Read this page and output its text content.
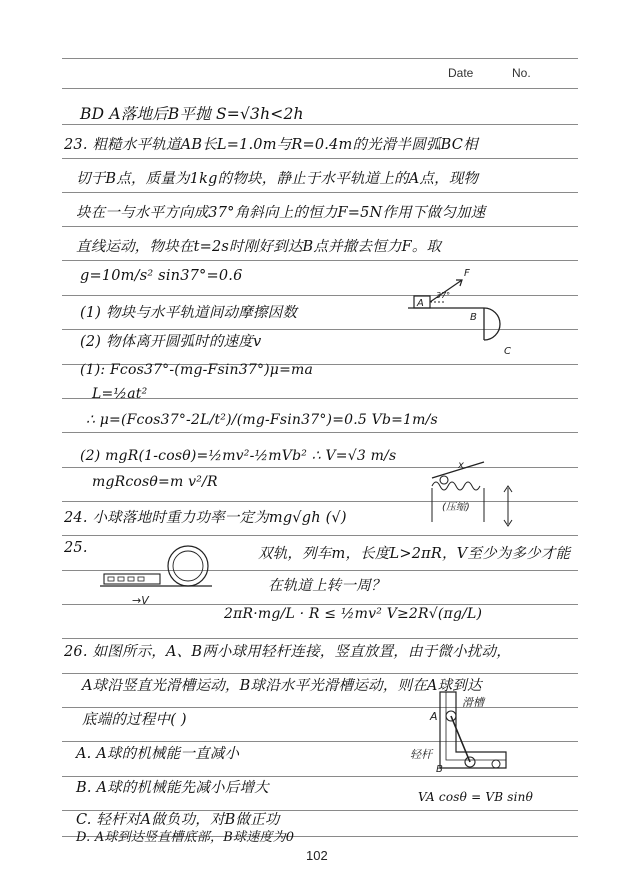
Date	No.
BD A落地后B平抛 S=√3h<2h
23. 粗糙水平轨道AB长L=1.0m与R=0.4m的光滑半圆弧BC相
切于B点，质量为1kg的物块，静止于水平轨道上的A点，现物
块在一与水平方向成37°角斜向上的恒力F=5N作用下做匀加速
直线运动，物块在t=2s时刚好到达B点并撤去恒力F。取
g=10m/s² sin37°=0.6
(1) 物块与水平轨道间动摩擦因数
(2) 物体离开圆弧时的速度v
(1): Fcos37°-(mg-Fsin37°)μ=ma
L=½at²
∴ μ=(Fcos37°-2L/t²)/(mg-Fsin37°)=0.5 Vb=1m/s
(2) mgR(1-cosθ)=½mv²-½mVb² ∴ V=√3 m/s
mgRcosθ=m v²/R
24. 小球落地时重力功率一定为mg√gh (√)
25.	双轨，列车m，长度L>2πR，V至少为多少才能
在轨道上转一周？
2πR·mg/L · R ≤ ½mv² V≥2R√(πg/L)
26. 如图所示，A、B两小球用轻杆连接，竖直放置，由于微小扰动，
A球沿竖直光滑槽运动，B球沿水平光滑槽运动，则在A球到达
底端的过程中( )
A. A球的机械能一直减小
B. A球的机械能先减小后增大
C. 轻杆对A做负功，对B做正功
D. A球到达竖直槽底部，B球速度为0
A
37°
F
B
C
x
(压缩)
→V
A
滑槽
轻杆
B
VA cosθ = VB sinθ
102
